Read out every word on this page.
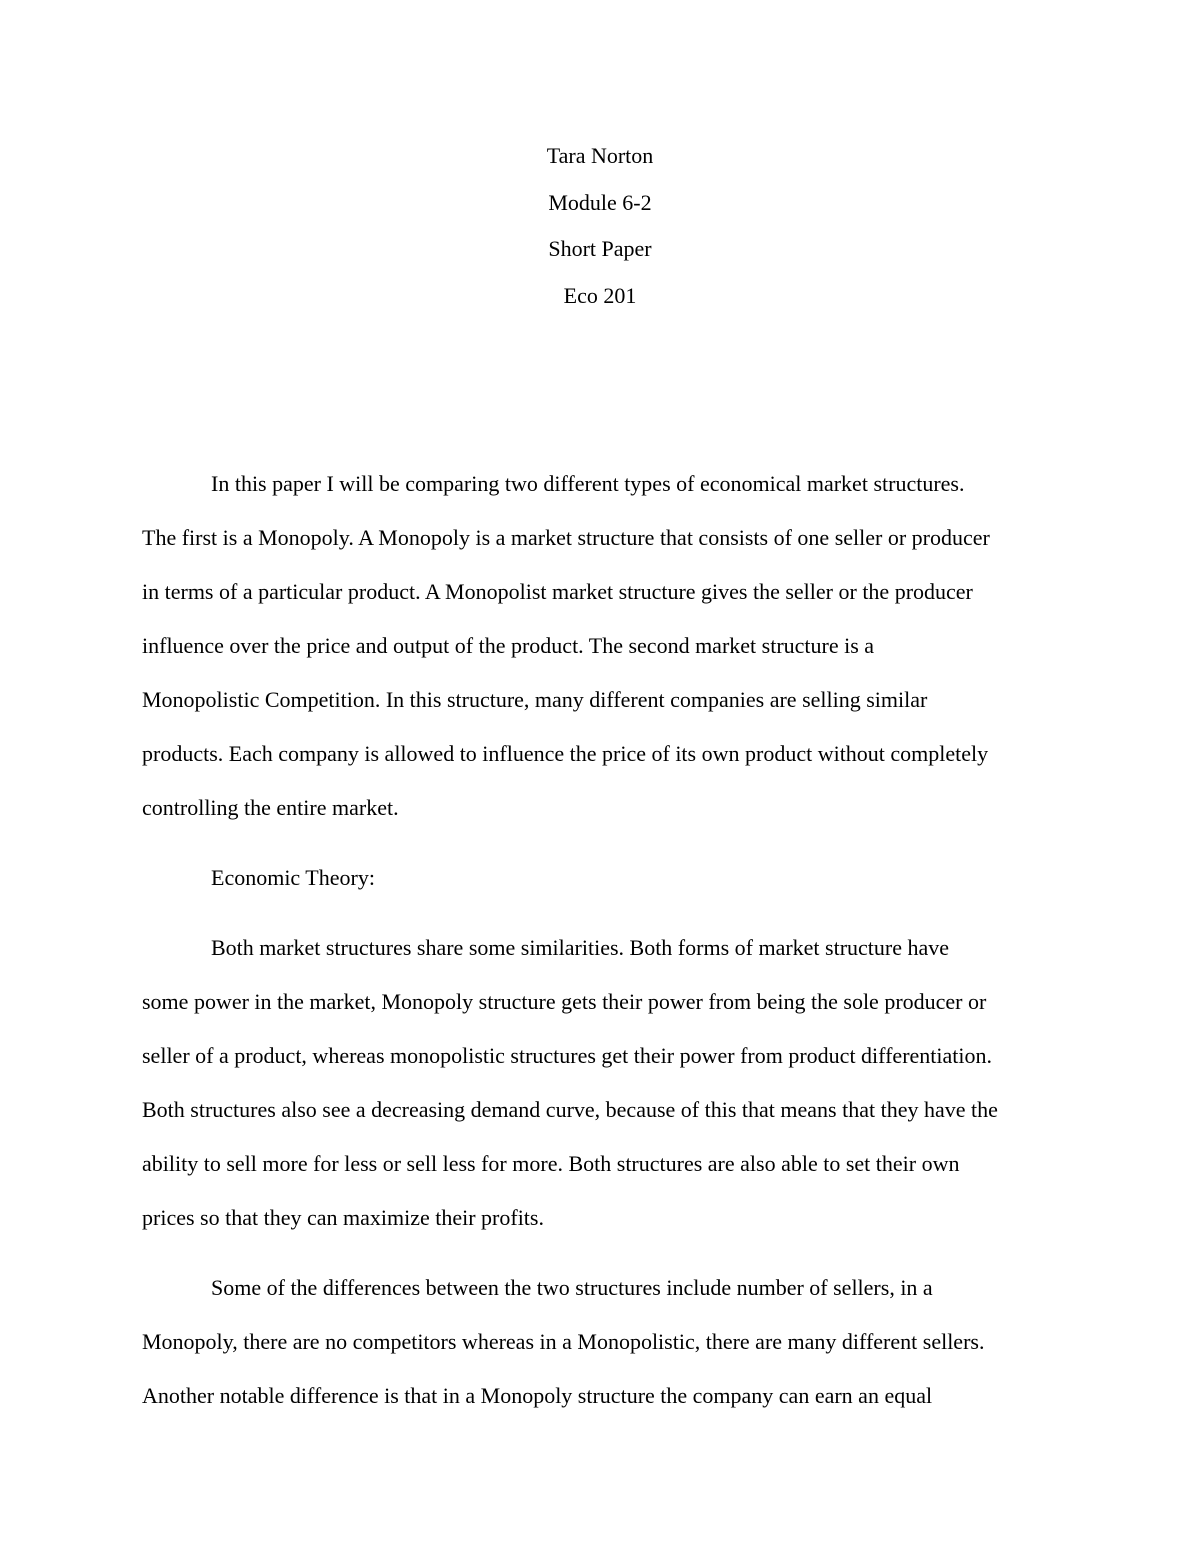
Tara Norton
Module 6-2
Short Paper
Eco 201
In this paper I will be comparing two different types of economical market structures.
The first is a Monopoly. A Monopoly is a market structure that consists of one seller or producer
in terms of a particular product. A Monopolist market structure gives the seller or the producer
influence over the price and output of the product. The second market structure is a
Monopolistic Competition. In this structure, many different companies are selling similar
products. Each company is allowed to influence the price of its own product without completely
controlling the entire market.
Economic Theory:
Both market structures share some similarities. Both forms of market structure have
some power in the market, Monopoly structure gets their power from being the sole producer or
seller of a product, whereas monopolistic structures get their power from product differentiation.
Both structures also see a decreasing demand curve, because of this that means that they have the
ability to sell more for less or sell less for more. Both structures are also able to set their own
prices so that they can maximize their profits.
Some of the differences between the two structures include number of sellers, in a
Monopoly, there are no competitors whereas in a Monopolistic, there are many different sellers.
Another notable difference is that in a Monopoly structure the company can earn an equal
